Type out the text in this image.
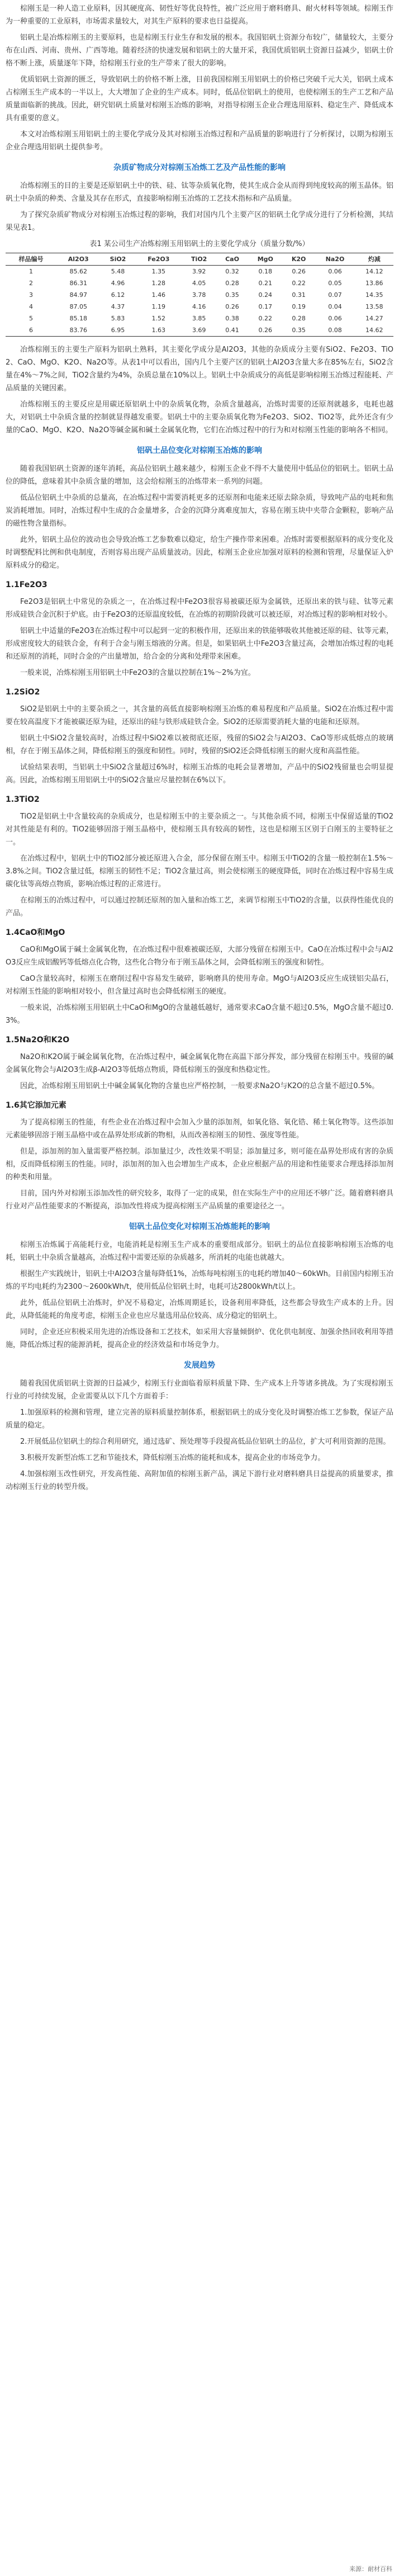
棕刚玉是一种人造工业原料，因其硬度高、韧性好等优良特性，被广泛应用于磨料磨具、耐火材料等领域。棕刚玉作为一种重要的工业原料，市场需求量较大，对其生产原料的要求也日益提高。

铝矾土是冶炼棕刚玉的主要原料，也是棕刚玉行业生存和发展的根本。我国铝矾土资源分布较广，储量较大，主要分布在山西、河南、贵州、广西等地。随着经济的快速发展和铝矾土的大量开采，我国优质铝矾土资源日益减少，铝矾土价格不断上涨，质量逐年下降，给棕刚玉行业的生产带来了很大的影响。

优质铝矾土资源的匮乏，导致铝矾土的价格不断上涨，目前我国棕刚玉用铝矾土的价格已突破千元大关，铝矾土成本占棕刚玉生产成本的一半以上，大大增加了企业的生产成本。同时，低品位铝矾土的使用，也使棕刚玉的生产工艺和产品质量面临新的挑战。因此，研究铝矾土质量对棕刚玉冶炼的影响，对指导棕刚玉企业合理选用原料、稳定生产、降低成本具有重要的意义。

本文对冶炼棕刚玉用铝矾土的主要化学成分及其对棕刚玉冶炼过程和产品质量的影响进行了分析探讨，以期为棕刚玉企业合理选用铝矾土提供参考。

杂质矿物成分对棕刚玉冶炼工艺及产品性能的影响

冶炼棕刚玉的目的主要是还原铝矾土中的铁、硅、钛等杂质氧化物，使其生成合金从而得到纯度较高的刚玉晶体。铝矾土中杂质的种类、含量及其存在形式，直接影响棕刚玉冶炼的工艺技术指标和产品质量。

为了探究杂质矿物成分对棕刚玉冶炼过程的影响，我们对国内几个主要产区的铝矾土化学成分进行了分析检测，其结果见表1。

表1 某公司生产冶炼棕刚玉用铝矾土的主要化学成分（质量分数/%）
样品编号	Al2O3	SiO2	Fe2O3	TiO2	CaO	MgO	K2O	Na2O	灼减
1	85.62	5.48	1.35	3.92	0.32	0.18	0.26	0.06	14.12
2	86.31	4.96	1.28	4.05	0.28	0.21	0.22	0.05	13.86
3	84.97	6.12	1.46	3.78	0.35	0.24	0.31	0.07	14.35
4	87.05	4.37	1.19	4.16	0.26	0.17	0.19	0.04	13.58
5	85.18	5.83	1.52	3.85	0.38	0.22	0.28	0.06	14.27
6	83.76	6.95	1.63	3.69	0.41	0.26	0.35	0.08	14.62

冶炼棕刚玉的主要生产原料为铝矾土熟料，其主要化学成分是Al2O3，其他的杂质成分主要有SiO2、Fe2O3、TiO2、CaO、MgO、K2O、Na2O等。从表1中可以看出，国内几个主要产区的铝矾土Al2O3含量大多在85%左右，SiO2含量在4%～7%之间，TiO2含量约为4%，杂质总量在10%以上。铝矾土中杂质成分的高低是影响棕刚玉冶炼过程能耗、产品质量的关键因素。

冶炼棕刚玉的主要反应是用碳还原铝矾土中的杂质氧化物，杂质含量越高，冶炼时需要的还原剂就越多，电耗也越大，对铝矾土中杂质含量的控制就显得越发重要。铝矾土中的主要杂质氧化物为Fe2O3、SiO2、TiO2等，此外还含有少量的CaO、MgO、K2O、Na2O等碱金属和碱土金属氧化物，它们在冶炼过程中的行为和对棕刚玉性能的影响各不相同。

铝矾土品位变化对棕刚玉冶炼的影响

随着我国铝矾土资源的逐年消耗，高品位铝矾土越来越少，棕刚玉企业不得不大量使用中低品位的铝矾土。铝矾土品位的降低，意味着其中杂质含量的增加，这会给棕刚玉的冶炼带来一系列的问题。

低品位铝矾土中杂质的总量高，在冶炼过程中需要消耗更多的还原剂和电能来还原去除杂质，导致吨产品的电耗和焦炭消耗增加。同时，冶炼过程中生成的合金量增多，合金的沉降分离难度加大，容易在刚玉块中夹带合金颗粒，影响产品的磁性物含量指标。

此外，铝矾土品位的波动也会导致冶炼工艺参数难以稳定，给生产操作带来困难。冶炼时需要根据原料的成分变化及时调整配料比例和供电制度，否则容易出现产品质量波动。因此，棕刚玉企业应加强对原料的检测和管理，尽量保证入炉原料成分的稳定。

1.1Fe2O3

Fe2O3是铝矾土中常见的杂质之一，在冶炼过程中Fe2O3很容易被碳还原为金属铁，还原出来的铁与硅、钛等元素形成硅铁合金沉积于炉底。由于Fe2O3的还原温度较低，在冶炼的初期阶段就可以被还原，对冶炼过程的影响相对较小。

铝矾土中适量的Fe2O3在冶炼过程中可以起到一定的积极作用，还原出来的铁能够吸收其他被还原的硅、钛等元素，形成密度较大的硅铁合金，有利于合金与刚玉熔液的分离。但是，如果铝矾土中Fe2O3含量过高，会增加冶炼过程的电耗和还原剂的消耗，同时合金的产出量增加，给合金的分离和处理带来困难。

一般来说，冶炼棕刚玉用铝矾土中Fe2O3的含量以控制在1%～2%为宜。

1.2SiO2

SiO2是铝矾土中的主要杂质之一，其含量的高低直接影响棕刚玉冶炼的难易程度和产品质量。SiO2在冶炼过程中需要在较高温度下才能被碳还原为硅，还原出的硅与铁形成硅铁合金。SiO2的还原需要消耗大量的电能和还原剂。

铝矾土中SiO2含量较高时，冶炼过程中SiO2难以被彻底还原，残留的SiO2会与Al2O3、CaO等形成低熔点的玻璃相，存在于刚玉晶体之间，降低棕刚玉的强度和韧性。同时，残留的SiO2还会降低棕刚玉的耐火度和高温性能。

试验结果表明，当铝矾土中SiO2含量超过6%时，棕刚玉冶炼的电耗会显著增加，产品中的SiO2残留量也会明显提高。因此，冶炼棕刚玉用铝矾土中的SiO2含量应尽量控制在6%以下。

1.3TiO2

TiO2是铝矾土中含量较高的杂质成分，也是棕刚玉中的主要杂质之一。与其他杂质不同，棕刚玉中保留适量的TiO2对其性能是有利的。TiO2能够固溶于刚玉晶格中，使棕刚玉具有较高的韧性，这也是棕刚玉区别于白刚玉的主要特征之一。

在冶炼过程中，铝矾土中的TiO2部分被还原进入合金，部分保留在刚玉中。棕刚玉中TiO2的含量一般控制在1.5%～3.8%之间。TiO2含量过低，棕刚玉的韧性不足；TiO2含量过高，则会使棕刚玉的硬度降低，同时在冶炼过程中容易生成碳化钛等高熔点物质，影响冶炼过程的正常进行。

在棕刚玉的冶炼过程中，可以通过控制还原剂的加入量和冶炼工艺，来调节棕刚玉中TiO2的含量，以获得性能优良的产品。

1.4CaO和MgO

CaO和MgO属于碱土金属氧化物，在冶炼过程中很难被碳还原，大部分残留在棕刚玉中。CaO在冶炼过程中会与Al2O3反应生成铝酸钙等低熔点化合物，这些化合物分布于刚玉晶体之间，会降低棕刚玉的强度和韧性。

CaO含量较高时，棕刚玉在磨削过程中容易发生破碎，影响磨具的使用寿命。MgO与Al2O3反应生成镁铝尖晶石，对棕刚玉性能的影响相对较小，但含量过高时也会降低棕刚玉的硬度。

一般来说，冶炼棕刚玉用铝矾土中CaO和MgO的含量越低越好，通常要求CaO含量不超过0.5%，MgO含量不超过0.3%。

1.5Na2O和K2O

Na2O和K2O属于碱金属氧化物，在冶炼过程中，碱金属氧化物在高温下部分挥发，部分残留在棕刚玉中。残留的碱金属氧化物会与Al2O3生成β-Al2O3等低熔点物质，降低棕刚玉的强度和热稳定性。

因此，冶炼棕刚玉用铝矾土中碱金属氧化物的含量也应严格控制，一般要求Na2O与K2O的总含量不超过0.5%。

1.6其它添加元素

为了提高棕刚玉的性能，有些企业在冶炼过程中会加入少量的添加剂，如氧化铬、氧化锆、稀土氧化物等。这些添加元素能够固溶于刚玉晶格中或在晶界处形成新的物相，从而改善棕刚玉的韧性、强度等性能。

但是，添加剂的加入量需要严格控制。添加量过少，改性效果不明显；添加量过多，则可能在晶界处形成有害的杂质相，反而降低棕刚玉的性能。同时，添加剂的加入也会增加生产成本，企业应根据产品的用途和性能要求合理选择添加剂的种类和用量。

目前，国内外对棕刚玉添加改性的研究较多，取得了一定的成果，但在实际生产中的应用还不够广泛。随着磨料磨具行业对产品性能要求的不断提高，添加改性将成为提高棕刚玉产品质量的重要途径之一。

铝矾土品位变化对棕刚玉冶炼能耗的影响

棕刚玉冶炼属于高能耗行业，电能消耗是棕刚玉生产成本的重要组成部分。铝矾土的品位直接影响棕刚玉冶炼的电耗，铝矾土中杂质含量越高，冶炼过程中需要还原的杂质越多，所消耗的电能也就越大。

根据生产实践统计，铝矾土中Al2O3含量每降低1%，冶炼每吨棕刚玉的电耗约增加40～60kWh。目前国内棕刚玉冶炼的平均电耗约为2300～2600kWh/t，使用低品位铝矾土时，电耗可达2800kWh/t以上。

此外，低品位铝矾土冶炼时，炉况不易稳定，冶炼周期延长，设备利用率降低，这些都会导致生产成本的上升。因此，从降低能耗的角度考虑，棕刚玉企业也应尽量选用品位较高、成分稳定的铝矾土。

同时，企业还应积极采用先进的冶炼设备和工艺技术，如采用大容量倾倒炉、优化供电制度、加强余热回收利用等措施，降低冶炼过程的能源消耗，提高企业的经济效益和市场竞争力。

发展趋势

随着我国优质铝矾土资源的日益减少，棕刚玉行业面临着原料质量下降、生产成本上升等诸多挑战。为了实现棕刚玉行业的可持续发展，企业需要从以下几个方面着手：

1.加强原料的检测和管理，建立完善的原料质量控制体系，根据铝矾土的成分变化及时调整冶炼工艺参数，保证产品质量的稳定。

2.开展低品位铝矾土的综合利用研究，通过选矿、预处理等手段提高低品位铝矾土的品位，扩大可利用资源的范围。

3.积极开发新型冶炼工艺和节能技术，降低棕刚玉冶炼的能耗和成本，提高企业的市场竞争力。

4.加强棕刚玉改性研究，开发高性能、高附加值的棕刚玉新产品，满足下游行业对磨料磨具日益提高的质量要求，推动棕刚玉行业的转型升级。

来源：耐材百科
